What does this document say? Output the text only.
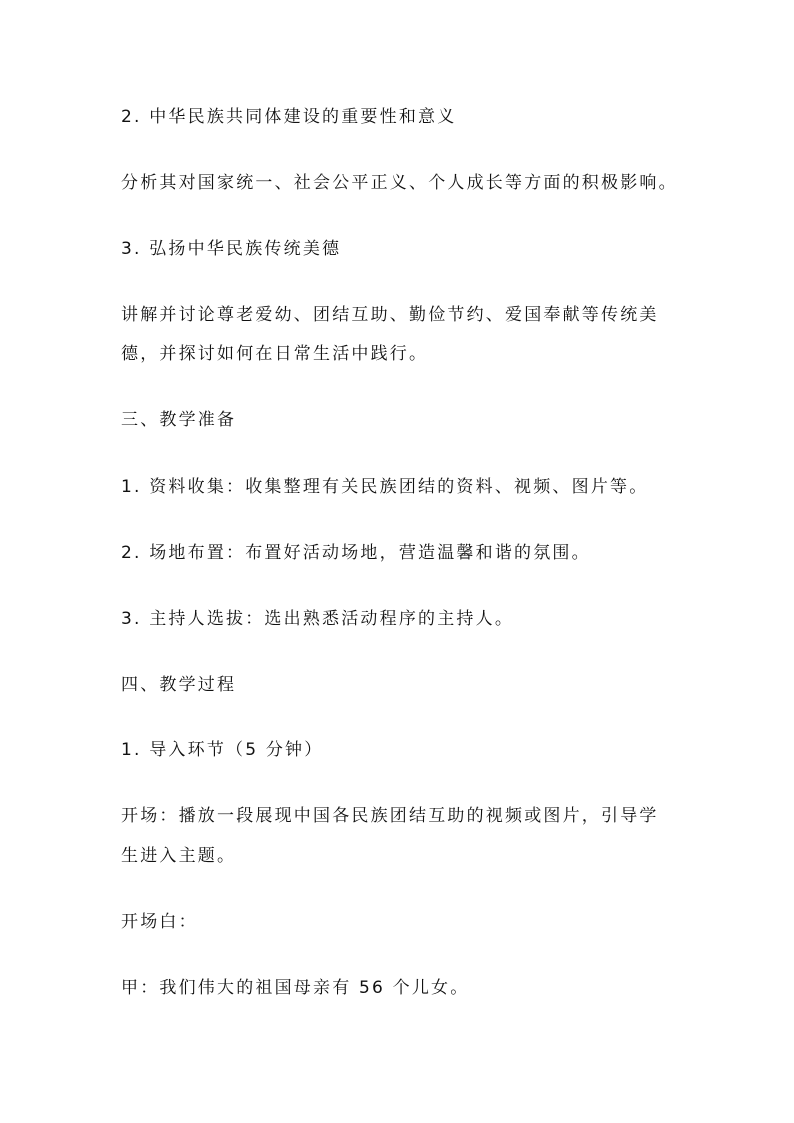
2. 中华民族共同体建设的重要性和意义
分析其对国家统一、社会公平正义、个人成长等方面的积极影响。
3. 弘扬中华民族传统美德
讲解并讨论尊老爱幼、团结互助、勤俭节约、爱国奉献等传统美
德，并探讨如何在日常生活中践行。
三、教学准备
1. 资料收集：收集整理有关民族团结的资料、视频、图片等。
2. 场地布置：布置好活动场地，营造温馨和谐的氛围。
3. 主持人选拔：选出熟悉活动程序的主持人。
四、教学过程
1. 导入环节（5 分钟）
开场：播放一段展现中国各民族团结互助的视频或图片，引导学
生进入主题。
开场白：
甲：我们伟大的祖国母亲有 56 个儿女。
